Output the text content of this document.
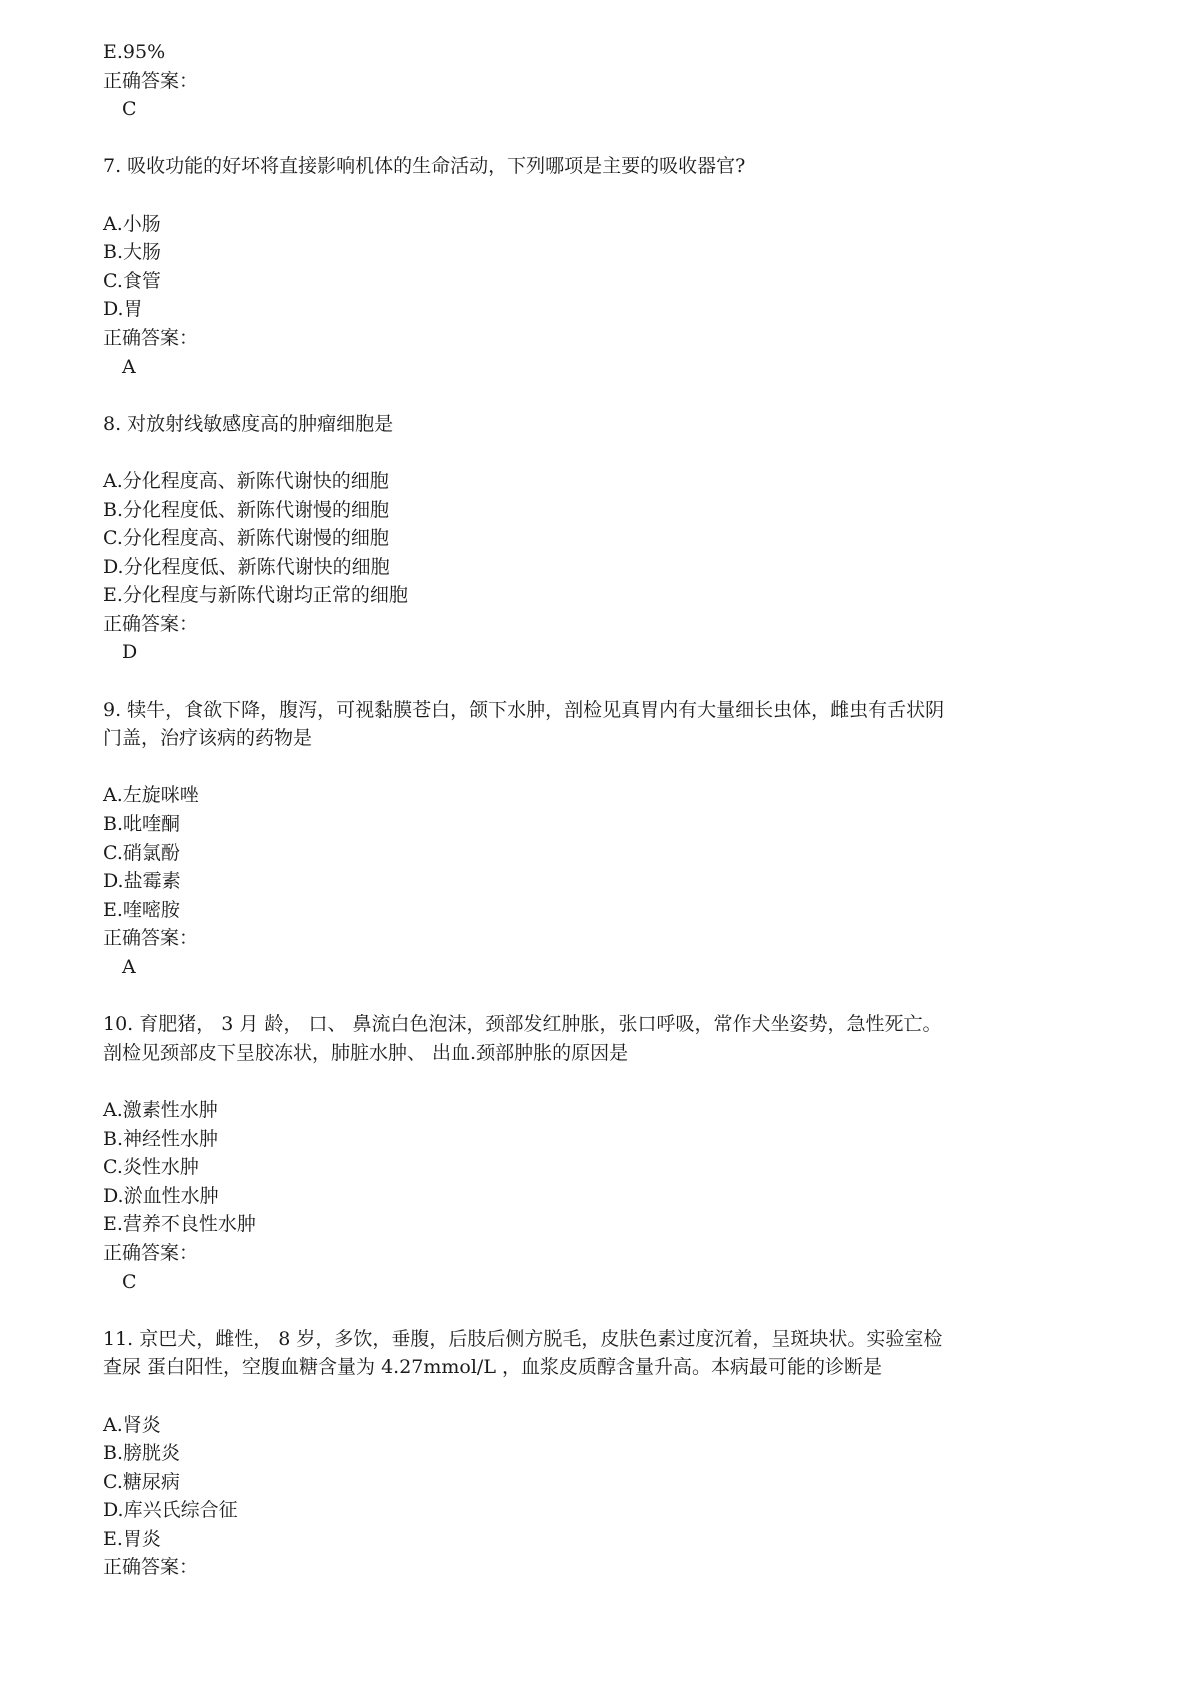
E.95%
正确答案：
C
7. 吸收功能的好坏将直接影响机体的生命活动，下列哪项是主要的吸收器官?
A.小肠
B.大肠
C.食管
D.胃
正确答案：
A
8. 对放射线敏感度高的肿瘤细胞是
A.分化程度高、新陈代谢快的细胞
B.分化程度低、新陈代谢慢的细胞
C.分化程度高、新陈代谢慢的细胞
D.分化程度低、新陈代谢快的细胞
E.分化程度与新陈代谢均正常的细胞
正确答案：
D
9. 犊牛，食欲下降，腹泻，可视黏膜苍白，颌下水肿，剖检见真胃内有大量细长虫体，雌虫有舌状阴
门盖，治疗该病的药物是
A.左旋咪唑
B.吡喹酮
C.硝氯酚
D.盐霉素
E.喹嘧胺
正确答案：
A
10. 育肥猪， 3 月 龄， 口、 鼻流白色泡沫，颈部发红肿胀，张口呼吸，常作犬坐姿势，急性死亡。
剖检见颈部皮下呈胶冻状，肺脏水肿、 出血.颈部肿胀的原因是
A.激素性水肿
B.神经性水肿
C.炎性水肿
D.淤血性水肿
E.营养不良性水肿
正确答案：
C
11. 京巴犬，雌性， 8 岁，多饮，垂腹，后肢后侧方脱毛，皮肤色素过度沉着，呈斑块状。实验室检
查尿 蛋白阳性，空腹血糖含量为 4.27mmol/L ，血浆皮质醇含量升高。本病最可能的诊断是
A.肾炎
B.膀胱炎
C.糖尿病
D.库兴氏综合征
E.胃炎
正确答案：
